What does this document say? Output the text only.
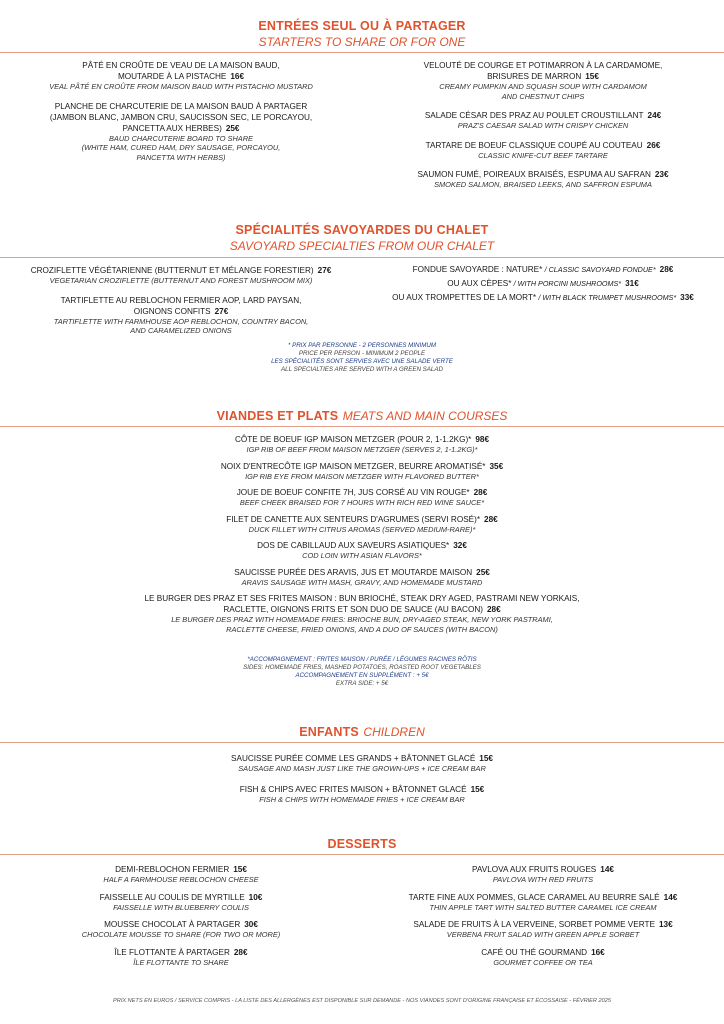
ENTRÉES SEUL OU À PARTAGER
STARTERS TO SHARE OR FOR ONE
PÂTÉ EN CROÛTE DE VEAU DE LA MAISON BAUD,
MOUTARDE À LA PISTACHE 16€
VEAL PÂTÉ EN CROÛTE FROM MAISON BAUD WITH PISTACHIO MUSTARD
PLANCHE DE CHARCUTERIE DE LA MAISON BAUD À PARTAGER
(JAMBON BLANC, JAMBON CRU, SAUCISSON SEC, LE PORCAYOU,
PANCETTA AUX HERBES) 25€
BAUD CHARCUTERIE BOARD TO SHARE
(WHITE HAM, CURED HAM, DRY SAUSAGE, PORCAYOU,
PANCETTA WITH HERBS)
VELOUTÉ DE COURGE ET POTIMARRON À LA CARDAMOME,
BRISURES DE MARRON 15€
CREAMY PUMPKIN AND SQUASH SOUP WITH CARDAMOM
AND CHESTNUT CHIPS
SALADE CÉSAR DES PRAZ AU POULET CROUSTILLANT 24€
PRAZ'S CAESAR SALAD WITH CRISPY CHICKEN
TARTARE DE BOEUF CLASSIQUE COUPÉ AU COUTEAU 26€
CLASSIC KNIFE-CUT BEEF TARTARE
SAUMON FUMÉ, POIREAUX BRAISÉS, ESPUMA AU SAFRAN 23€
SMOKED SALMON, BRAISED LEEKS, AND SAFFRON ESPUMA
SPÉCIALITÉS SAVOYARDES DU CHALET
SAVOYARD SPECIALTIES FROM OUR CHALET
CROZIFLETTE VÉGÉTARIENNE (BUTTERNUT ET MÉLANGE FORESTIER) 27€
VEGETARIAN CROZIFLETTE (BUTTERNUT AND FOREST MUSHROOM MIX)
TARTIFLETTE AU REBLOCHON FERMIER AOP, LARD PAYSAN,
OIGNONS CONFITS 27€
TARTIFLETTE WITH FARMHOUSE AOP REBLOCHON, COUNTRY BACON,
AND CARAMELIZED ONIONS
FONDUE SAVOYARDE : NATURE* / CLASSIC SAVOYARD FONDUE* 28€
OU AUX CÈPES* / WITH PORCINI MUSHROOMS* 31€
OU AUX TROMPETTES DE LA MORT* / WITH BLACK TRUMPET MUSHROOMS* 33€
* PRIX PAR PERSONNE - 2 PERSONNES MINIMUM
PRICE PER PERSON - MINIMUM 2 PEOPLE
LES SPÉCIALITÉS SONT SERVIES AVEC UNE SALADE VERTE
ALL SPECIALTIES ARE SERVED WITH A GREEN SALAD
VIANDES ET PLATS MEATS AND MAIN COURSES
CÔTE DE BOEUF IGP MAISON METZGER (POUR 2, 1-1.2KG)* 98€
IGP RIB OF BEEF FROM MAISON METZGER (SERVES 2, 1-1.2KG)*
NOIX D'ENTRECÔTE IGP MAISON METZGER, BEURRE AROMATISÉ* 35€
IGP RIB EYE FROM MAISON METZGER WITH FLAVORED BUTTER*
JOUE DE BOEUF CONFITE 7H, JUS CORSÉ AU VIN ROUGE* 28€
BEEF CHEEK BRAISED FOR 7 HOURS WITH RICH RED WINE SAUCE*
FILET DE CANETTE AUX SENTEURS D'AGRUMES (SERVI ROSÉ)* 28€
DUCK FILLET WITH CITRUS AROMAS (SERVED MEDIUM-RARE)*
DOS DE CABILLAUD AUX SAVEURS ASIATIQUES* 32€
COD LOIN WITH ASIAN FLAVORS*
SAUCISSE PURÉE DES ARAVIS, JUS ET MOUTARDE MAISON 25€
ARAVIS SAUSAGE WITH MASH, GRAVY, AND HOMEMADE MUSTARD
LE BURGER DES PRAZ ET SES FRITES MAISON : BUN BRIOCHÉ, STEAK DRY AGED, PASTRAMI NEW YORKAIS,
RACLETTE, OIGNONS FRITS ET SON DUO DE SAUCE (AU BACON) 28€
LE BURGER DES PRAZ WITH HOMEMADE FRIES: BRIOCHE BUN, DRY-AGED STEAK, NEW YORK PASTRAMI,
RACLETTE CHEESE, FRIED ONIONS, AND A DUO OF SAUCES (WITH BACON)
*ACCOMPAGNEMENT : FRITES MAISON / PURÉE / LÉGUMES RACINES RÔTIS
SIDES: HOMEMADE FRIES, MASHED POTATOES, ROASTED ROOT VEGETABLES
ACCOMPAGNEMENT EN SUPPLÉMENT : + 5€
EXTRA SIDE: + 5€
ENFANTS CHILDREN
SAUCISSE PURÉE COMME LES GRANDS + BÂTONNET GLACÉ 15€
SAUSAGE AND MASH JUST LIKE THE GROWN-UPS + ICE CREAM BAR
FISH & CHIPS AVEC FRITES MAISON + BÂTONNET GLACÉ 15€
FISH & CHIPS WITH HOMEMADE FRIES + ICE CREAM BAR
DESSERTS
DEMI-REBLOCHON FERMIER 15€
HALF A FARMHOUSE REBLOCHON CHEESE
FAISSELLE AU COULIS DE MYRTILLE 10€
FAISSELLE WITH BLUEBERRY COULIS
MOUSSE CHOCOLAT À PARTAGER 30€
CHOCOLATE MOUSSE TO SHARE (FOR TWO OR MORE)
ÎLE FLOTTANTE À PARTAGER 28€
ÎLE FLOTTANTE TO SHARE
PAVLOVA AUX FRUITS ROUGES 14€
PAVLOVA WITH RED FRUITS
TARTE FINE AUX POMMES, GLACE CARAMEL AU BEURRE SALÉ 14€
THIN APPLE TART WITH SALTED BUTTER CARAMEL ICE CREAM
SALADE DE FRUITS À LA VERVEINE, SORBET POMME VERTE 13€
VERBENA FRUIT SALAD WITH GREEN APPLE SORBET
CAFÉ OU THÉ GOURMAND 16€
GOURMET COFFEE OR TEA
PRIX NETS EN EUROS / SERVICE COMPRIS - LA LISTE DES ALLERGÈNES EST DISPONIBLE SUR DEMANDE - NOS VIANDES SONT D'ORIGINE FRANÇAISE ET ÉCOSSAISE - FÉVRIER 2025
